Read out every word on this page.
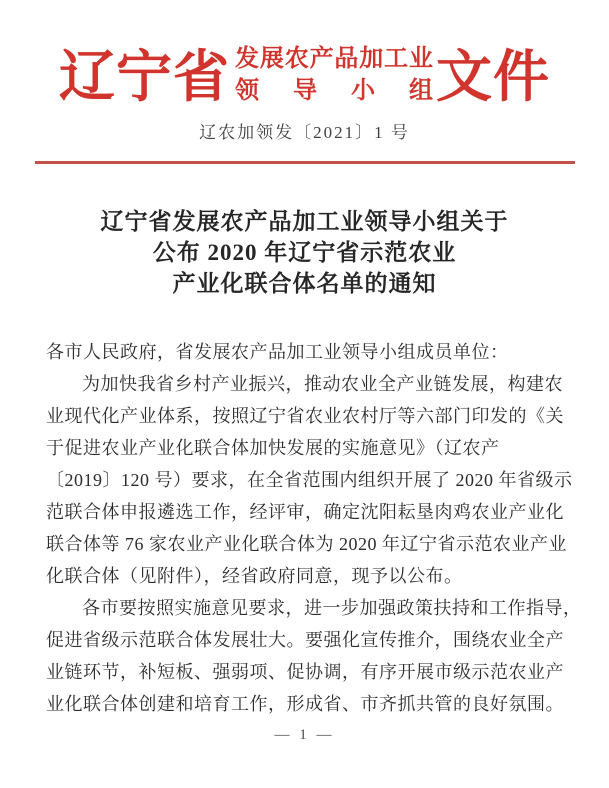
辽宁省 发展农产品加工业
领导小组 文件
辽农加领发〔2021〕1 号
辽宁省发展农产品加工业领导小组关于
公布 2020 年辽宁省示范农业
产业化联合体名单的通知
各市人民政府，省发展农产品加工业领导小组成员单位：
为加快我省乡村产业振兴，推动农业全产业链发展，构建农
业现代化产业体系，按照辽宁省农业农村厅等六部门印发的《关
于促进农业产业化联合体加快发展的实施意见》（辽农产
〔2019〕120 号）要求，在全省范围内组织开展了 2020 年省级示
范联合体申报遴选工作，经评审，确定沈阳耘垦肉鸡农业产业化
联合体等 76 家农业产业化联合体为 2020 年辽宁省示范农业产业
化联合体（见附件），经省政府同意，现予以公布。
各市要按照实施意见要求，进一步加强政策扶持和工作指导，
促进省级示范联合体发展壮大。要强化宣传推介，围绕农业全产
业链环节，补短板、强弱项、促协调，有序开展市级示范农业产
业化联合体创建和培育工作，形成省、市齐抓共管的良好氛围。
— 1 —
